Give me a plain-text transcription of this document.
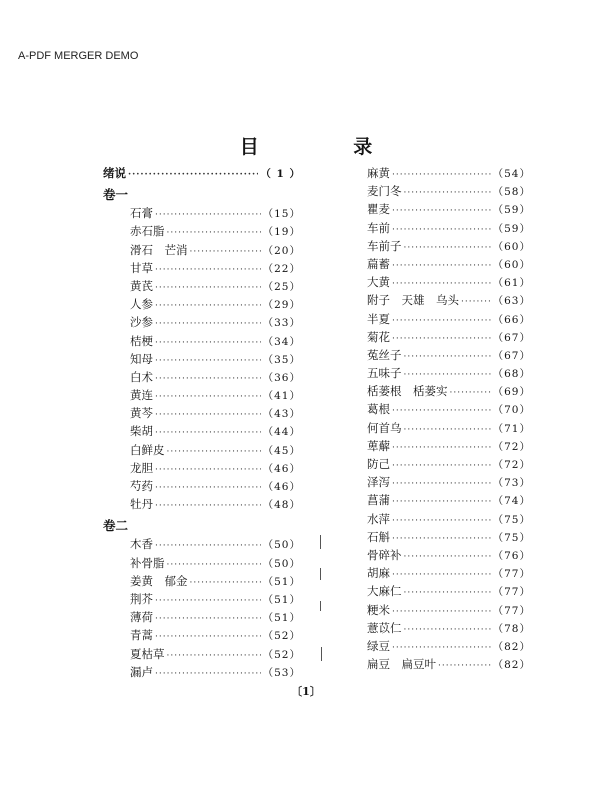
A-PDF MERGER DEMO
目 录
绪说 ·····	（ 1 ）
卷一
石膏 ·····	（15）
赤石脂 ·····	（19）
滑石　芒消 ·····	（20）
甘草 ·····	（22）
黄芪 ·····	（25）
人参 ·····	（29）
沙参 ·····	（33）
桔梗 ·····	（34）
知母 ·····	（35）
白术 ·····	（36）
黄连 ·····	（41）
黄芩 ·····	（43）
柴胡 ·····	（44）
白鲜皮 ·····	（45）
龙胆 ·····	（46）
芍药 ·····	（46）
牡丹 ·····	（48）
卷二
木香 ·····	（50）
补骨脂 ·····	（50）
姜黄　郁金 ·····	（51）
荆芥 ·····	（51）
薄荷 ·····	（51）
青蒿 ·····	（52）
夏枯草 ·····	（52）
漏卢 ·····	（53）
麻黄 ·····	（54）
麦门冬 ·····	（58）
瞿麦 ·····	（59）
车前 ·····	（59）
车前子 ·····	（60）
萹蓄 ·····	（60）
大黄 ·····	（61）
附子　天雄　乌头 ·····	（63）
半夏 ·····	（66）
菊花 ·····	（67）
菟丝子 ·····	（67）
五味子 ·····	（68）
栝蒌根　栝蒌实 ·····	（69）
葛根 ·····	（70）
何首乌 ·····	（71）
萆薢 ·····	（72）
防己 ·····	（72）
泽泻 ·····	（73）
菖蒲 ·····	（74）
水萍 ·····	（75）
石斛 ·····	（75）
骨碎补 ·····	（76）
胡麻 ·····	（77）
大麻仁 ·····	（77）
粳米 ·····	（77）
薏苡仁 ·····	（78）
绿豆 ·····	（82）
扁豆　扁豆叶 ·····	（82）
〔1〕
